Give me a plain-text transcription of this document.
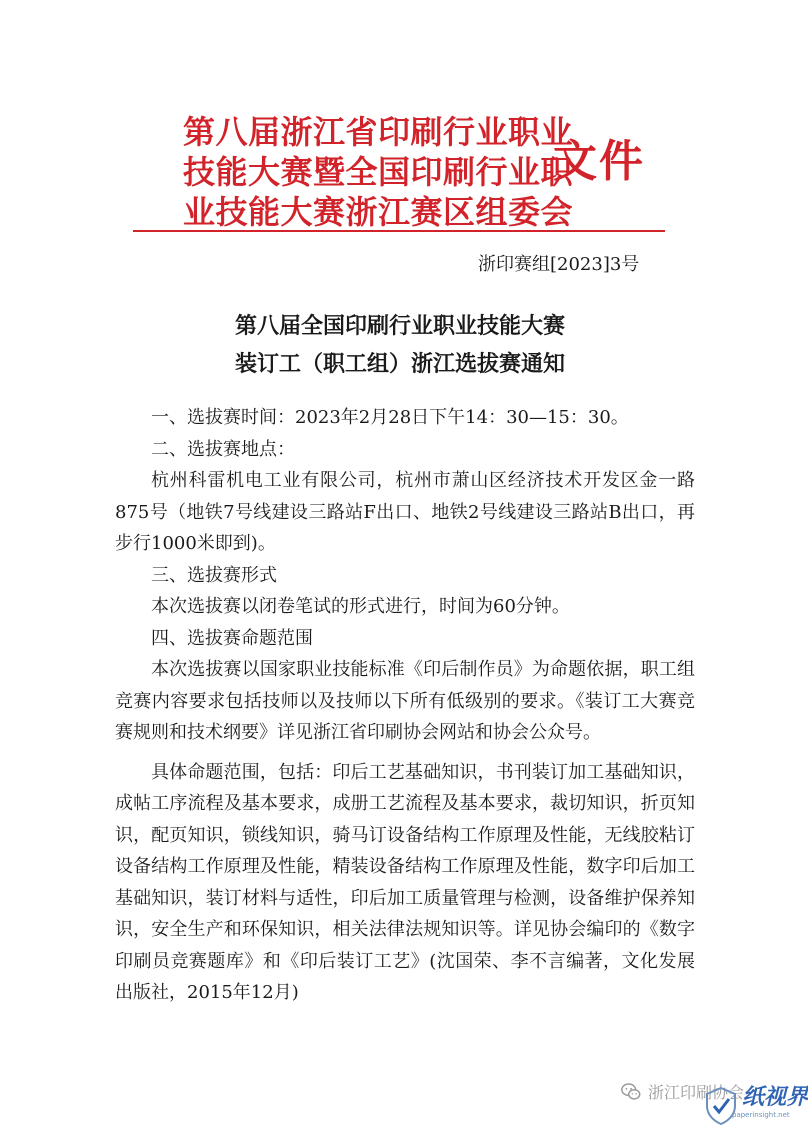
第八届浙江省印刷行业职业
技能大赛暨全国印刷行业职
业技能大赛浙江赛区组委会
文件
浙印赛组[2023]3号
第八届全国印刷行业职业技能大赛
装订工（职工组）浙江选拔赛通知

一、选拔赛时间：2023年2月28日下午14：30—15：30。

二、选拔赛地点：

杭州科雷机电工业有限公司，杭州市萧山区经济技术开发区金一路875号（地铁7号线建设三路站F出口、地铁2号线建设三路站B出口，再步行1000米即到)。

三、选拔赛形式

本次选拔赛以闭卷笔试的形式进行，时间为60分钟。

四、选拔赛命题范围

本次选拔赛以国家职业技能标准《印后制作员》为命题依据，职工组竞赛内容要求包括技师以及技师以下所有低级别的要求。《装订工大赛竞赛规则和技术纲要》详见浙江省印刷协会网站和协会公众号。

具体命题范围，包括：印后工艺基础知识，书刊装订加工基础知识，成帖工序流程及基本要求，成册工艺流程及基本要求，裁切知识，折页知识，配页知识，锁线知识，骑马订设备结构工作原理及性能，无线胶粘订设备结构工作原理及性能，精装设备结构工作原理及性能，数字印后加工基础知识，装订材料与适性，印后加工质量管理与检测，设备维护保养知识，安全生产和环保知识，相关法律法规知识等。详见协会编印的《数字印刷员竞赛题库》和《印后装订工艺》(沈国荣、李不言编著，文化发展出版社，2015年12月)

浙江印刷协会
纸视界
paperinsight.net
